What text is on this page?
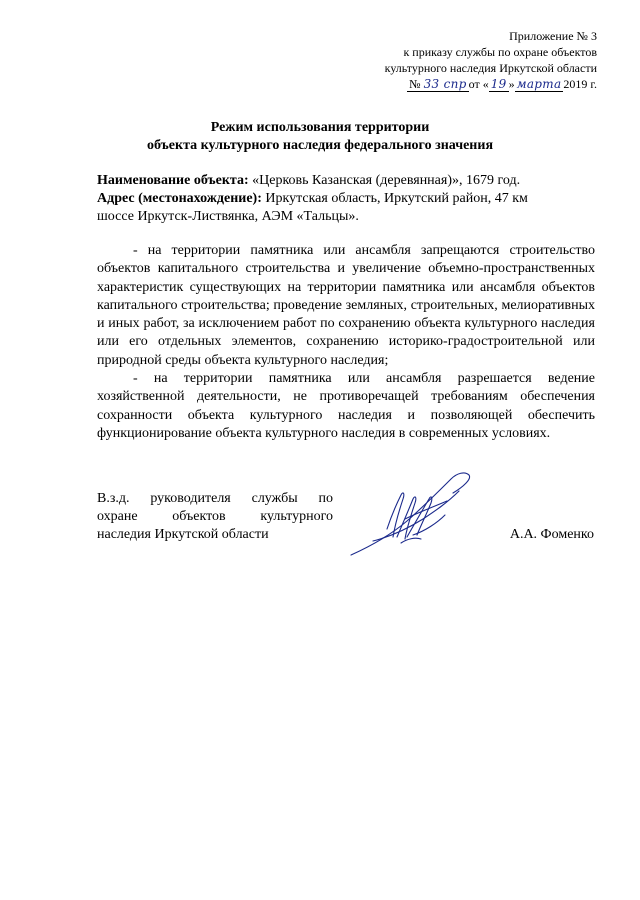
Приложение № 3
к приказу службы по охране объектов
культурного наследия Иркутской области
№ 33 спр от « 19 » марта 2019 г.
Режим использования территории
объекта культурного наследия федерального значения

Наименование объекта: «Церковь Казанская (деревянная)», 1679 год.

Адрес (местонахождение): Иркутская область, Иркутский район, 47 км шоссе Иркутск-Листвянка, АЭМ «Тальцы».

- на территории памятника или ансамбля запрещаются строительство объектов капитального строительства и увеличение объемно-пространственных характеристик существующих на территории памятника или ансамбля объектов капитального строительства; проведение земляных, строительных, мелиоративных и иных работ, за исключением работ по сохранению объекта культурного наследия или его отдельных элементов, сохранению историко-градостроительной или природной среды объекта культурного наследия;

- на территории памятника или ансамбля разрешается ведение хозяйственной деятельности, не противоречащей требованиям обеспечения сохранности объекта культурного наследия и позволяющей обеспечить функционирование объекта культурного наследия в современных условиях.

В.з.д. руководителя службы по
охране объектов культурного
наследия Иркутской области	А.А. Фоменко
